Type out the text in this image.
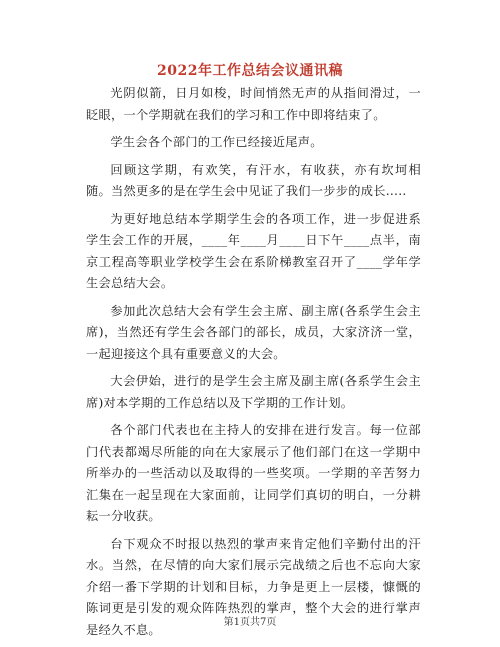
2022年工作总结会议通讯稿

光阴似箭，日月如梭，时间悄然无声的从指间滑过，一眨眼，一个学期就在我们的学习和工作中即将结束了。

学生会各个部门的工作已经接近尾声。

回顾这学期，有欢笑，有汗水，有收获，亦有坎坷相随。当然更多的是在学生会中见证了我们一步步的成长.....

为更好地总结本学期学生会的各项工作，进一步促进系学生会工作的开展，____年____月____日下午____点半，南京工程高等职业学校学生会在系阶梯教室召开了____学年学生会总结大会。

参加此次总结大会有学生会主席、副主席(各系学生会主席)，当然还有学生会各部门的部长，成员，大家济济一堂，一起迎接这个具有重要意义的大会。

大会伊始，进行的是学生会主席及副主席(各系学生会主席)对本学期的工作总结以及下学期的工作计划。

各个部门代表也在主持人的安排在进行发言。每一位部门代表都竭尽所能的向在大家展示了他们部门在这一学期中所举办的一些活动以及取得的一些奖项。一学期的辛苦努力汇集在一起呈现在大家面前，让同学们真切的明白，一分耕耘一分收获。

台下观众不时报以热烈的掌声来肯定他们辛勤付出的汗水。当然，在尽情的向大家们展示完战绩之后也不忘向大家介绍一番下学期的计划和目标，力争是更上一层楼，慷慨的陈词更是引发的观众阵阵热烈的掌声，整个大会的进行掌声是经久不息。	第1页共7页
